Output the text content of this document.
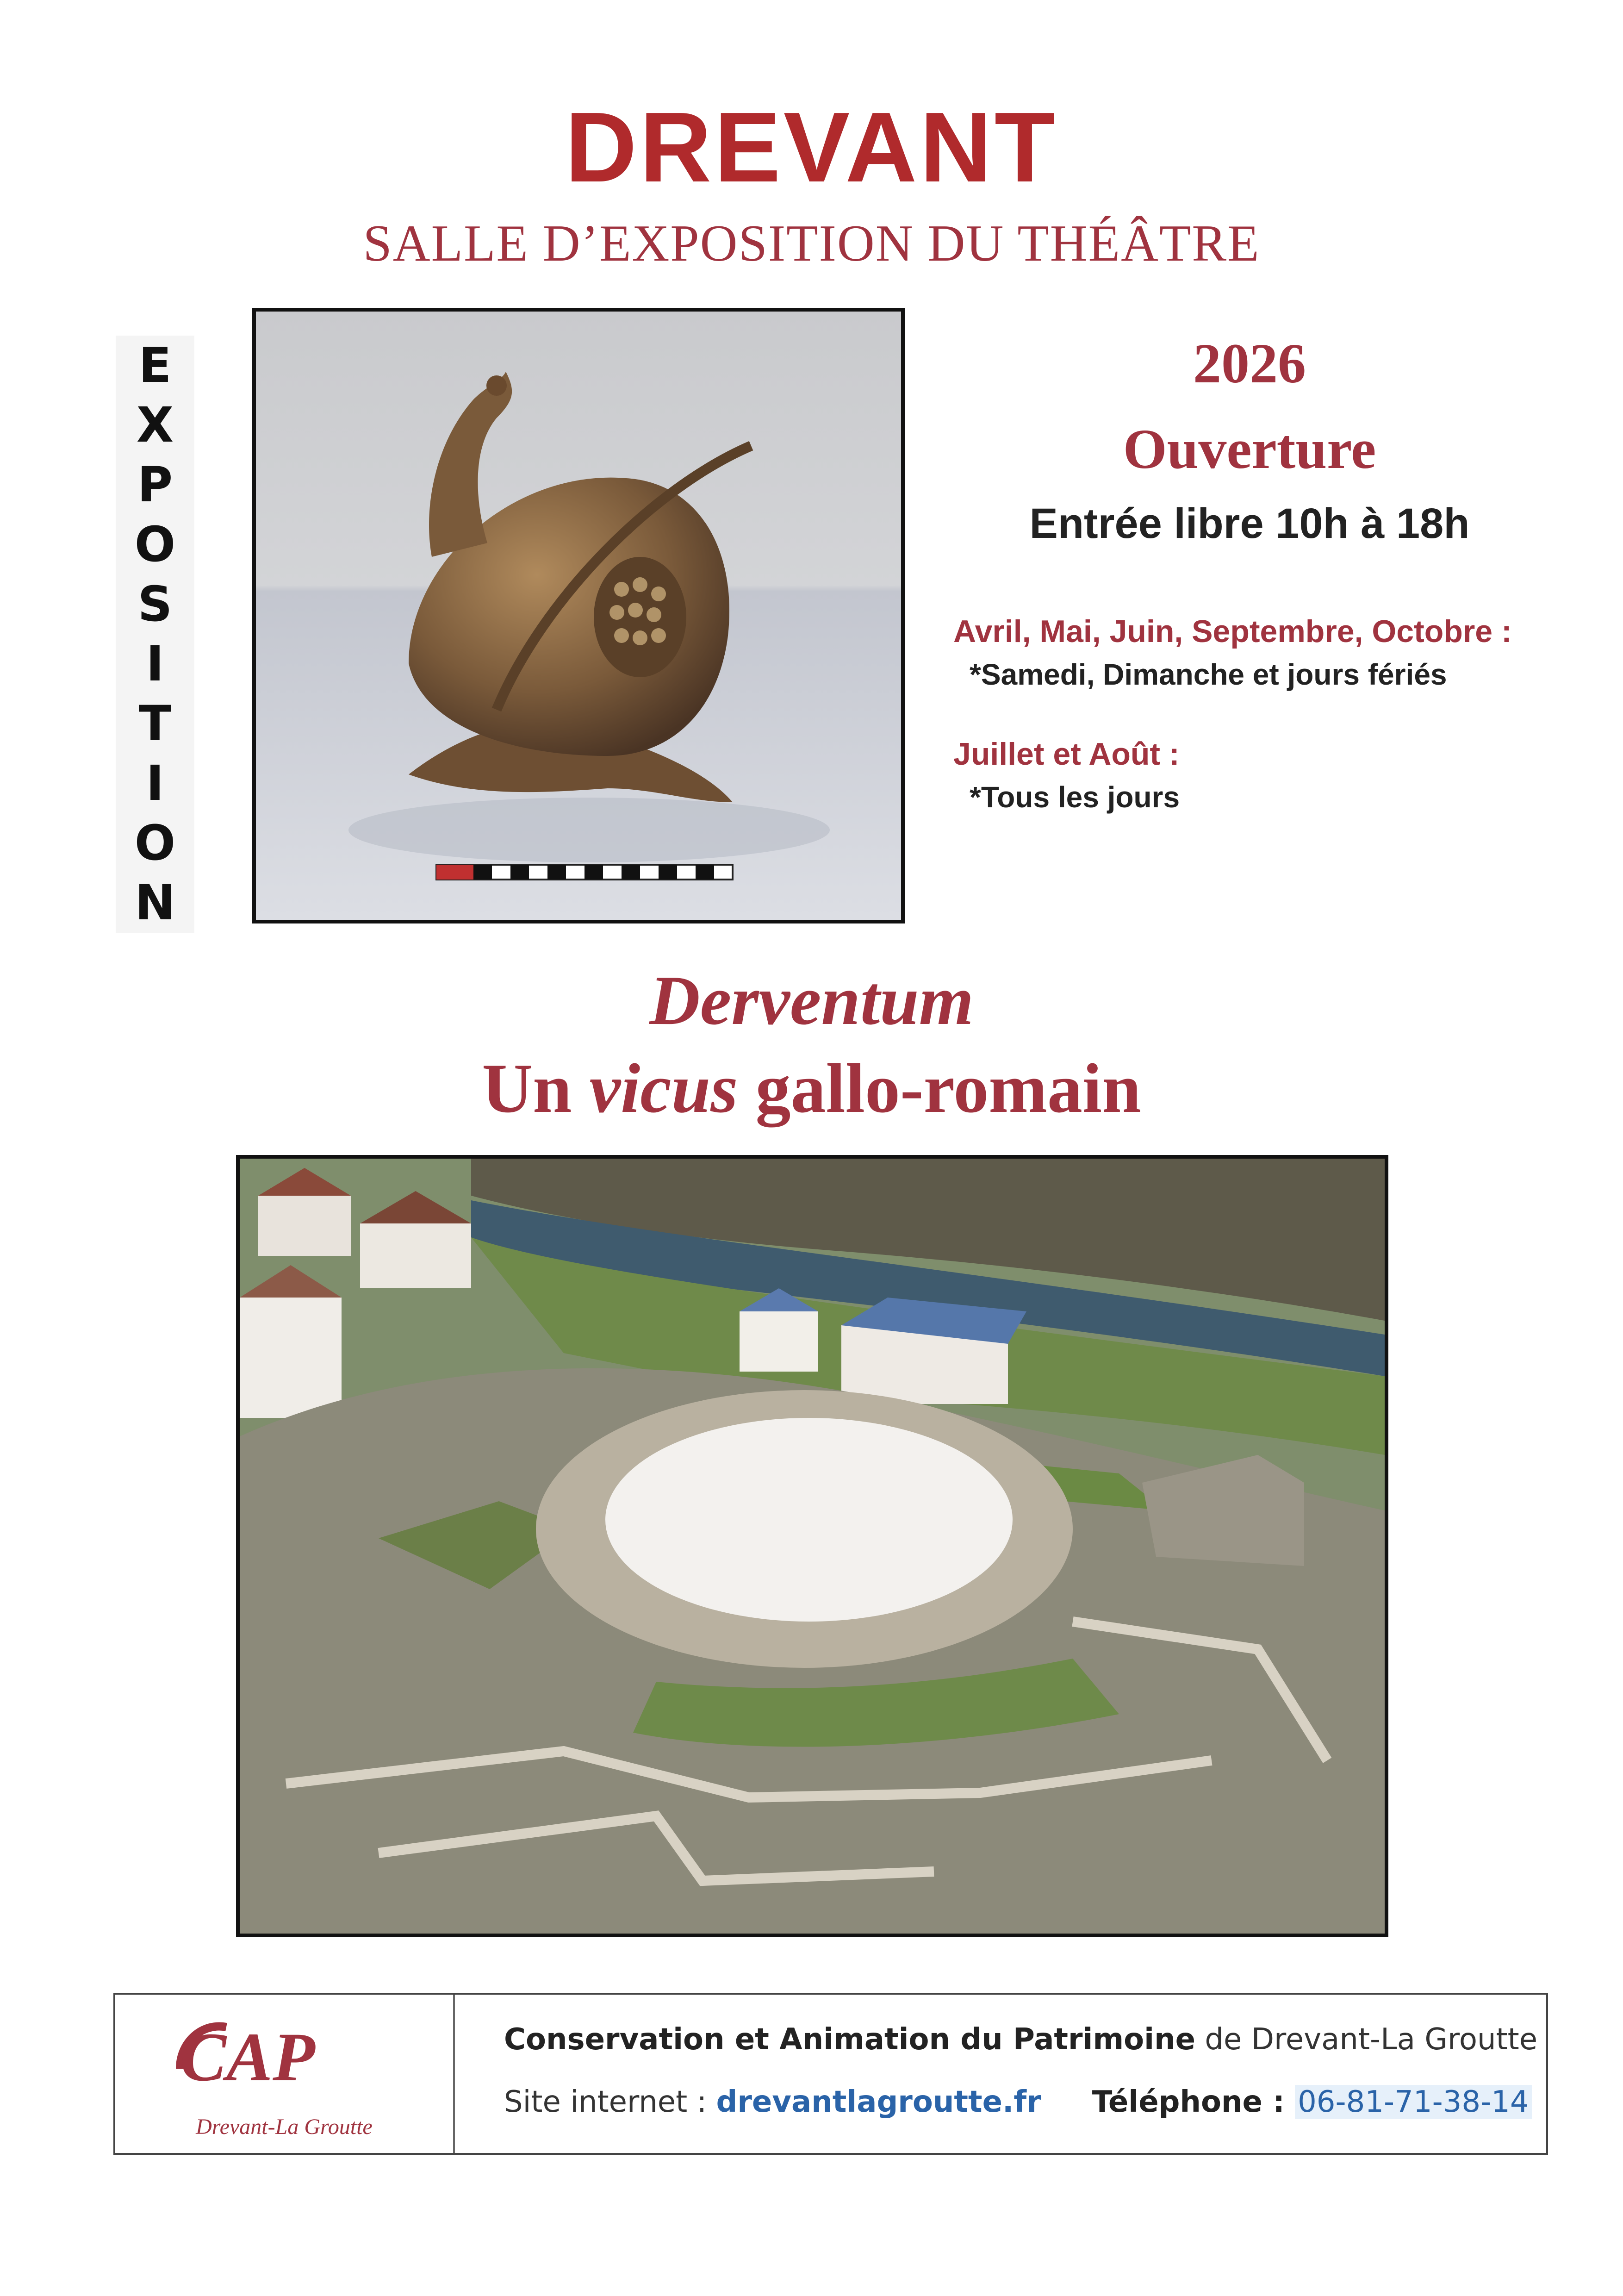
DREVANT
SALLE D’EXPOSITION DU THÉÂTRE
E
X
P
O
S
I
T
I
O
N
2026
Ouverture
Entrée libre 10h à 18h
Avril, Mai, Juin, Septembre, Octobre :
*Samedi, Dimanche et jours fériés
Juillet et Août :
*Tous les jours
Derventum
Un vicus gallo-romain
CAP
Drevant-La Groutte
Conservation et Animation du Patrimoine de Drevant-La Groutte
Site internet : drevantlagroutte.fr Téléphone : 06-81-71-38-14
